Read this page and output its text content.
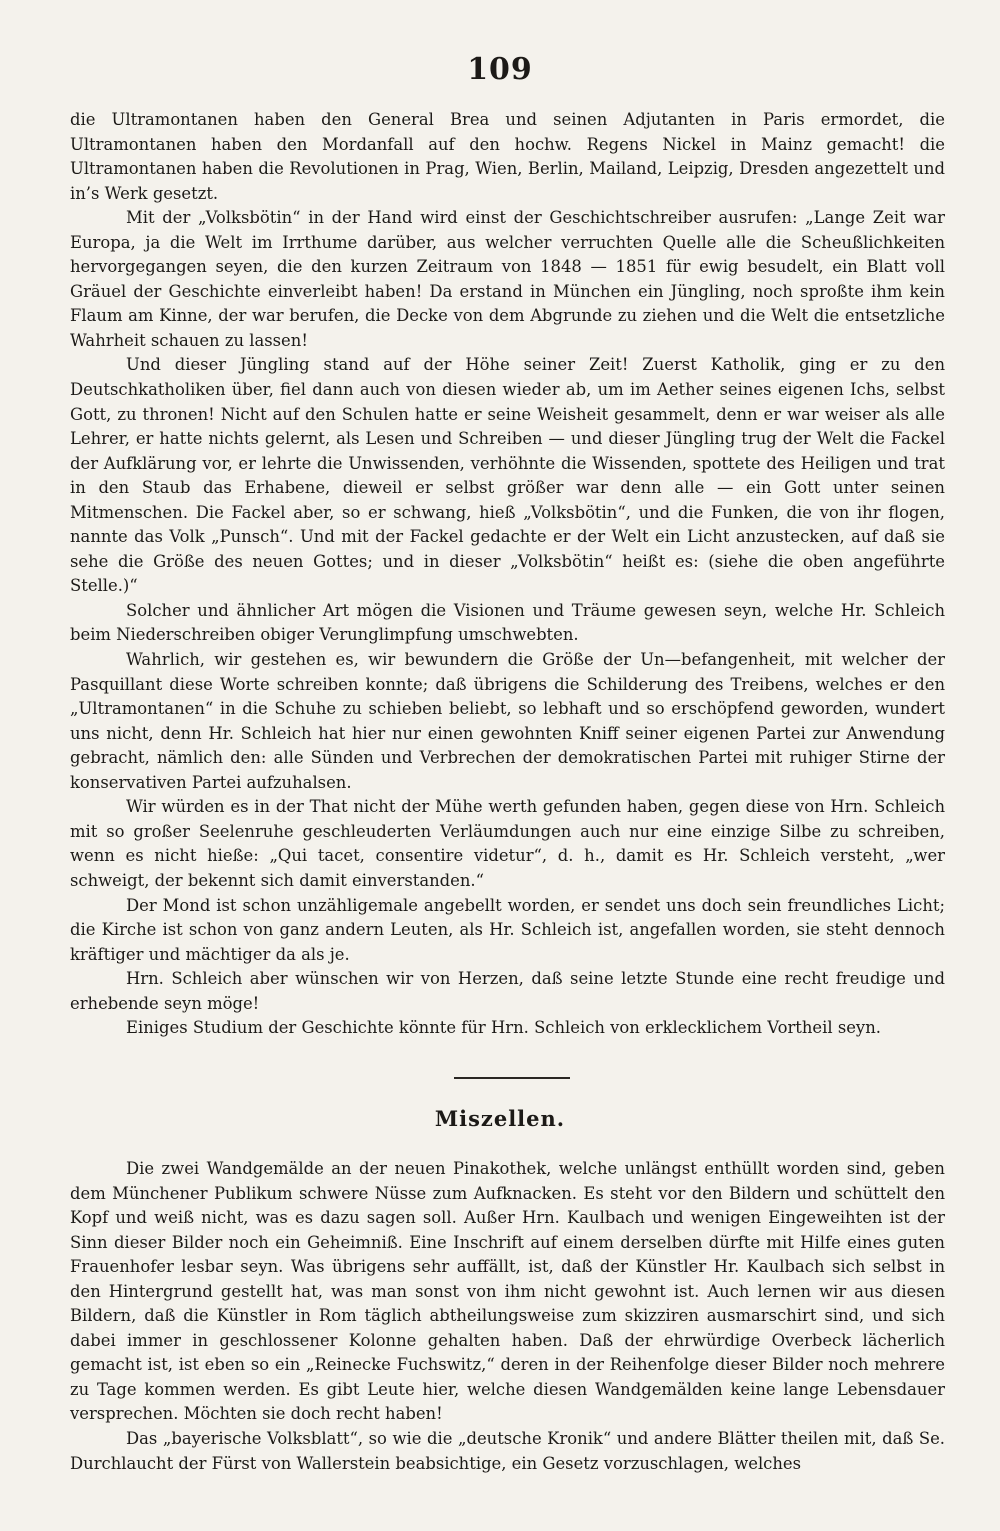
109

die Ultramontanen haben den General Brea und seinen Adjutanten in Paris ermordet, die Ultramontanen haben den Mordanfall auf den hochw. Regens Nickel in Mainz gemacht! die Ultramontanen haben die Revolutionen in Prag, Wien, Berlin, Mailand, Leipzig, Dresden angezettelt und in’s Werk gesetzt.

Mit der „Volksbötin“ in der Hand wird einst der Geschichtschreiber ausrufen: „Lange Zeit war Europa, ja die Welt im Irrthume darüber, aus welcher verruchten Quelle alle die Scheußlichkeiten hervorgegangen seyen, die den kurzen Zeitraum von 1848 — 1851 für ewig besudelt, ein Blatt voll Gräuel der Geschichte einverleibt haben! Da erstand in München ein Jüngling, noch sproßte ihm kein Flaum am Kinne, der war berufen, die Decke von dem Abgrunde zu ziehen und die Welt die entsetzliche Wahrheit schauen zu lassen!

Und dieser Jüngling stand auf der Höhe seiner Zeit! Zuerst Katholik, ging er zu den Deutschkatholiken über, fiel dann auch von diesen wieder ab, um im Aether seines eigenen Ichs, selbst Gott, zu thronen! Nicht auf den Schulen hatte er seine Weisheit gesammelt, denn er war weiser als alle Lehrer, er hatte nichts gelernt, als Lesen und Schreiben — und dieser Jüngling trug der Welt die Fackel der Aufklärung vor, er lehrte die Unwissenden, verhöhnte die Wissenden, spottete des Heiligen und trat in den Staub das Erhabene, dieweil er selbst größer war denn alle — ein Gott unter seinen Mitmenschen. Die Fackel aber, so er schwang, hieß „Volksbötin“, und die Funken, die von ihr flogen, nannte das Volk „Punsch“. Und mit der Fackel gedachte er der Welt ein Licht anzustecken, auf daß sie sehe die Größe des neuen Gottes; und in dieser „Volksbötin“ heißt es: (siehe die oben angeführte Stelle.)“

Solcher und ähnlicher Art mögen die Visionen und Träume gewesen seyn, welche Hr. Schleich beim Niederschreiben obiger Verunglimpfung umschwebten.

Wahrlich, wir gestehen es, wir bewundern die Größe der Un—befangenheit, mit welcher der Pasquillant diese Worte schreiben konnte; daß übrigens die Schilderung des Treibens, welches er den „Ultramontanen“ in die Schuhe zu schieben beliebt, so lebhaft und so erschöpfend geworden, wundert uns nicht, denn Hr. Schleich hat hier nur einen gewohnten Kniff seiner eigenen Partei zur Anwendung gebracht, nämlich den: alle Sünden und Verbrechen der demokratischen Partei mit ruhiger Stirne der konservativen Partei aufzuhalsen.

Wir würden es in der That nicht der Mühe werth gefunden haben, gegen diese von Hrn. Schleich mit so großer Seelenruhe geschleuderten Verläumdungen auch nur eine einzige Silbe zu schreiben, wenn es nicht hieße: „Qui tacet, consentire videtur“, d. h., damit es Hr. Schleich versteht, „wer schweigt, der bekennt sich damit einverstanden.“

Der Mond ist schon unzähligemale angebellt worden, er sendet uns doch sein freundliches Licht; die Kirche ist schon von ganz andern Leuten, als Hr. Schleich ist, angefallen worden, sie steht dennoch kräftiger und mächtiger da als je.

Hrn. Schleich aber wünschen wir von Herzen, daß seine letzte Stunde eine recht freudige und erhebende seyn möge!

Einiges Studium der Geschichte könnte für Hrn. Schleich von erklecklichem Vortheil seyn.

Miszellen.

Die zwei Wandgemälde an der neuen Pinakothek, welche unlängst enthüllt worden sind, geben dem Münchener Publikum schwere Nüsse zum Aufknacken. Es steht vor den Bildern und schüttelt den Kopf und weiß nicht, was es dazu sagen soll. Außer Hrn. Kaulbach und wenigen Eingeweihten ist der Sinn dieser Bilder noch ein Geheimniß. Eine Inschrift auf einem derselben dürfte mit Hilfe eines guten Frauenhofer lesbar seyn. Was übrigens sehr auffällt, ist, daß der Künstler Hr. Kaulbach sich selbst in den Hintergrund gestellt hat, was man sonst von ihm nicht gewohnt ist. Auch lernen wir aus diesen Bildern, daß die Künstler in Rom täglich abtheilungsweise zum skizziren ausmarschirt sind, und sich dabei immer in geschlossener Kolonne gehalten haben. Daß der ehrwürdige Overbeck lächerlich gemacht ist, ist eben so ein „Reinecke Fuchswitz,“ deren in der Reihenfolge dieser Bilder noch mehrere zu Tage kommen werden. Es gibt Leute hier, welche diesen Wandgemälden keine lange Lebensdauer versprechen. Möchten sie doch recht haben!

Das „bayerische Volksblatt“, so wie die „deutsche Kronik“ und andere Blätter theilen mit, daß Se. Durchlaucht der Fürst von Wallerstein beabsichtige, ein Gesetz vorzuschlagen, welches
